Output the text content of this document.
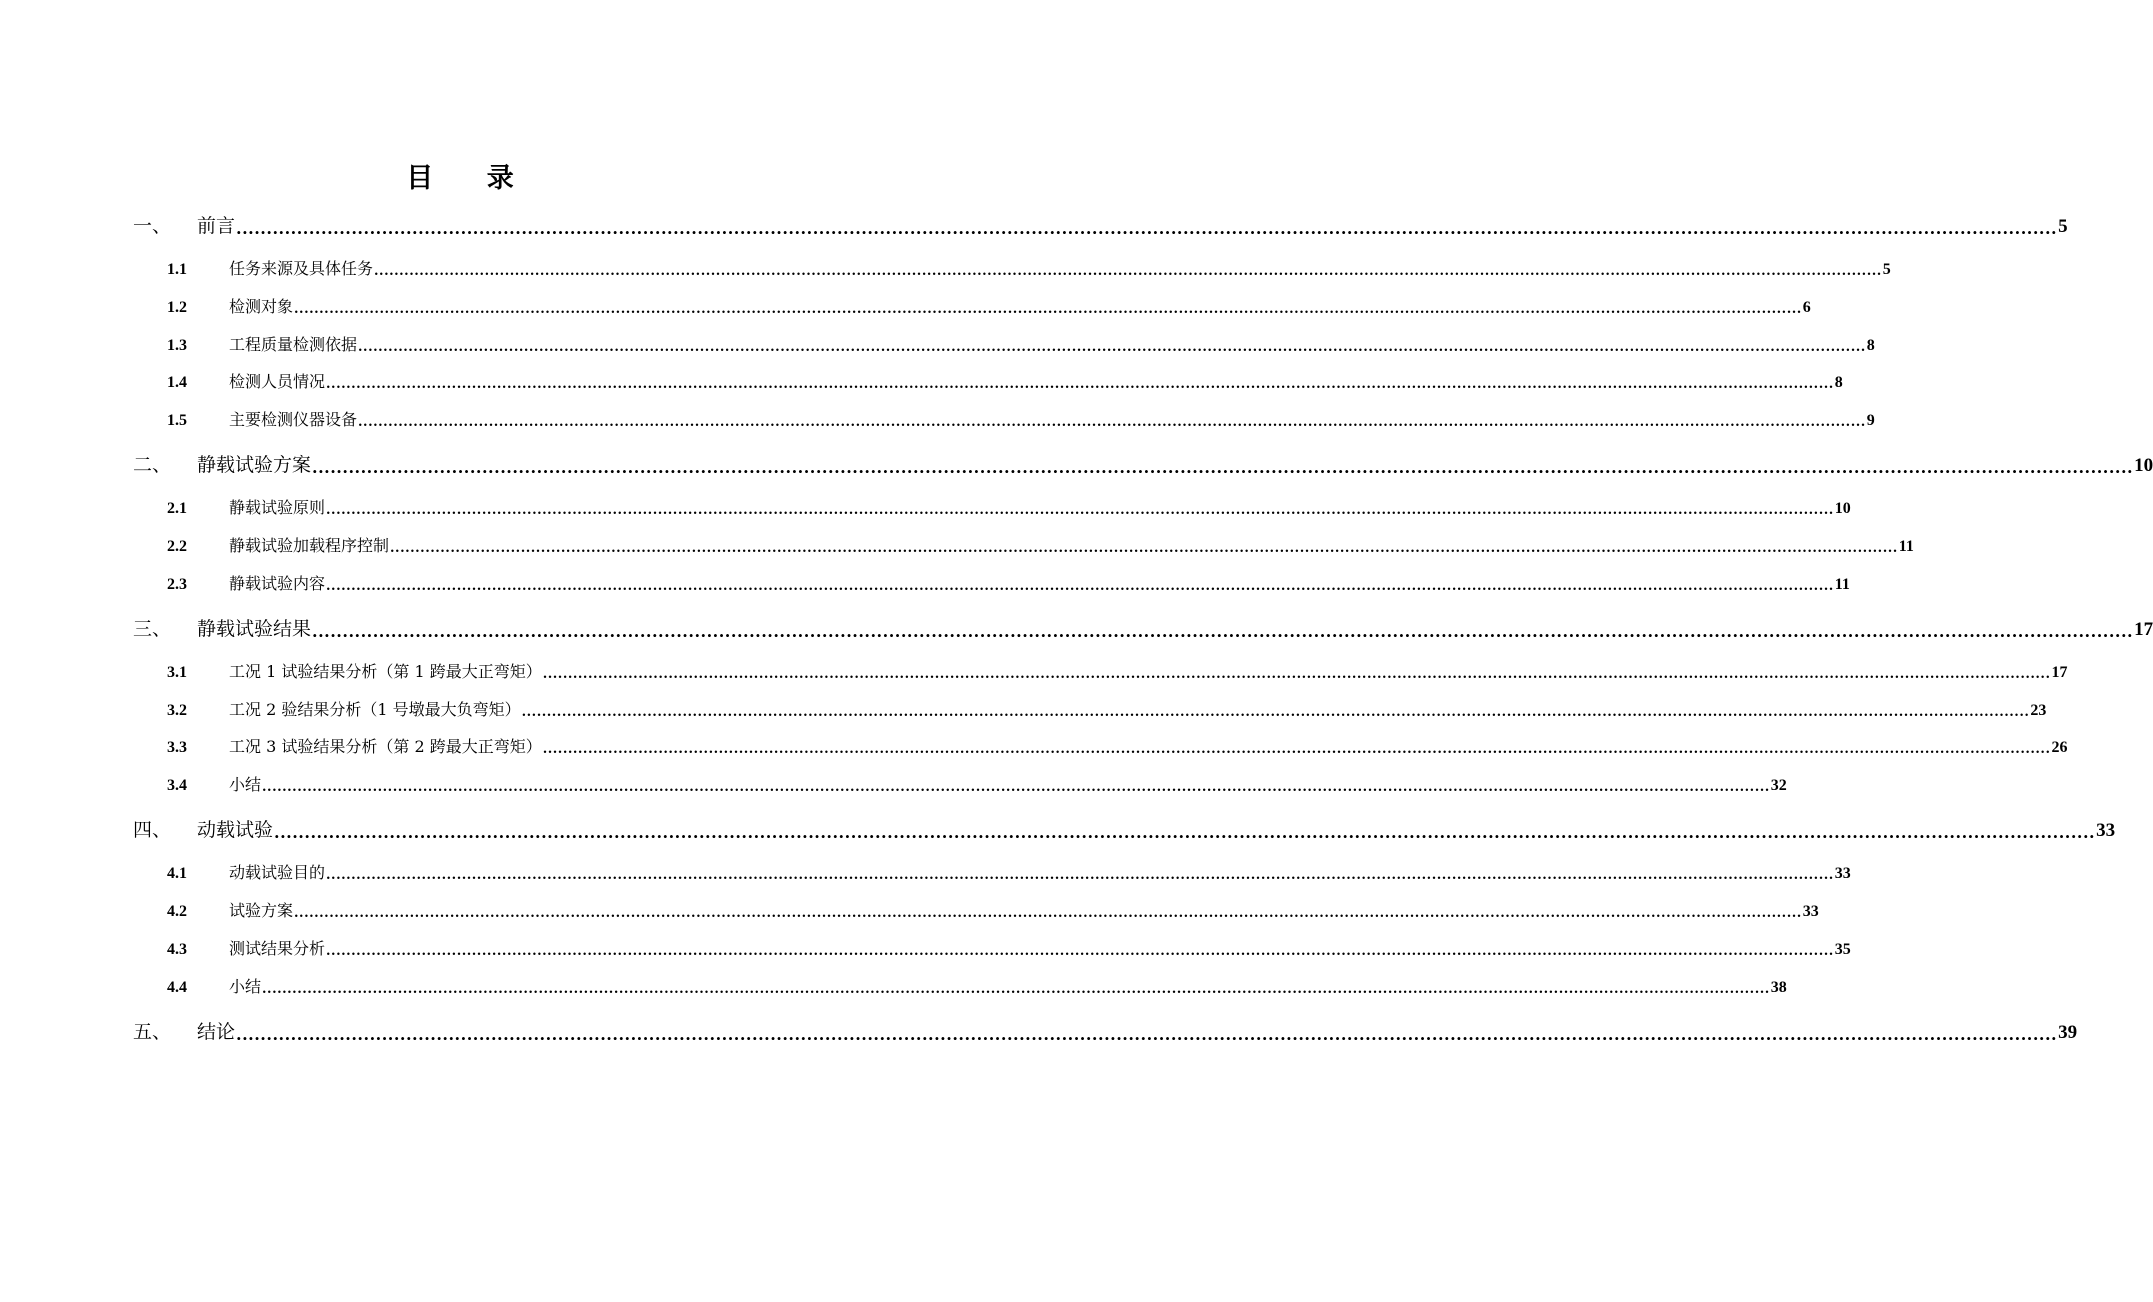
目 录
一、	前言 ............................................................................................................................................................................................................................................................................................................ 5
1.1	任务来源及具体任务 ............................................................................................................................................................................................................................................................................................................ 5
1.2	检测对象 ............................................................................................................................................................................................................................................................................................................ 6
1.3	工程质量检测依据 ............................................................................................................................................................................................................................................................................................................ 8
1.4	检测人员情况 ............................................................................................................................................................................................................................................................................................................ 8
1.5	主要检测仪器设备 ............................................................................................................................................................................................................................................................................................................ 9
二、	静载试验方案 ............................................................................................................................................................................................................................................................................................................ 10
2.1	静载试验原则 ............................................................................................................................................................................................................................................................................................................ 10
2.2	静载试验加载程序控制 ............................................................................................................................................................................................................................................................................................................ 11
2.3	静载试验内容 ............................................................................................................................................................................................................................................................................................................ 11
三、	静载试验结果 ............................................................................................................................................................................................................................................................................................................ 17
3.1	工况 1 试验结果分析（第 1 跨最大正弯矩） ............................................................................................................................................................................................................................................................................................................ 17
3.2	工况 2 验结果分析（1 号墩最大负弯矩） ............................................................................................................................................................................................................................................................................................................ 23
3.3	工况 3 试验结果分析（第 2 跨最大正弯矩） ............................................................................................................................................................................................................................................................................................................ 26
3.4	小结 ............................................................................................................................................................................................................................................................................................................ 32
四、	动载试验 ............................................................................................................................................................................................................................................................................................................ 33
4.1	动载试验目的 ............................................................................................................................................................................................................................................................................................................ 33
4.2	试验方案 ............................................................................................................................................................................................................................................................................................................ 33
4.3	测试结果分析 ............................................................................................................................................................................................................................................................................................................ 35
4.4	小结 ............................................................................................................................................................................................................................................................................................................ 38
五、	结论 ............................................................................................................................................................................................................................................................................................................ 39
